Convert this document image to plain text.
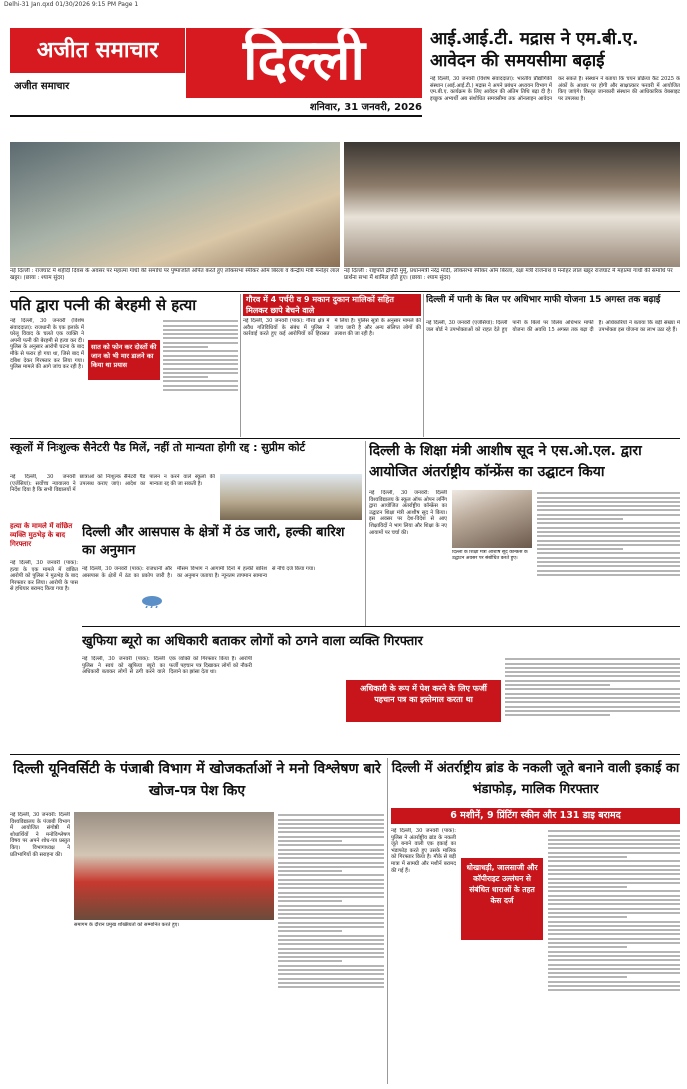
Delhi-31 Jan.qxd 01/30/2026 9:15 PM Page 1
अजीत समाचार	दिल्ली
अजीत समाचार
शनिवार, 31 जनवरी, 2026
आई.आई.टी. मद्रास ने एम.बी.ए. आवेदन की समयसीमा बढ़ाई
नई दिल्ली, 30 जनवरी (विशेष संवाददाता): भारतीय प्रौद्योगिकी संस्थान (आई.आई.टी.) मद्रास ने अपने प्रबंधन अध्ययन विभाग में एम.बी.ए. कार्यक्रम के लिए आवेदन की अंतिम तिथि बढ़ा दी है। इच्छुक अभ्यर्थी अब संशोधित समयसीमा तक ऑनलाइन आवेदन कर सकते हैं। संस्थान ने बताया कि चयन प्रक्रिया कैट 2025 के अंकों के आधार पर होगी और साक्षात्कार फरवरी में आयोजित किए जाएंगे। विस्तृत जानकारी संस्थान की आधिकारिक वेबसाइट पर उपलब्ध है।
नई दिल्ली : राजघाट में शहीदी दिवस के अवसर पर महात्मा गांधी की समाधि पर पुष्पांजलि अर्पित करते हुए लोकसभा स्पीकर ओम बिरला व केन्द्रीय मंत्री मनोहर लाल खट्टर। (छाया : श्याम सुंदर)
नई दिल्ली : राष्ट्रपति द्रौपदी मुर्मू, प्रधानमंत्री नरेंद्र मोदी, लोकसभा स्पीकर ओम बिरला, रक्षा मंत्री राजनाथ व मनोहर लाल खट्टर राजघाट में महात्मा गांधी की समाधि पर प्रार्थना सभा में शामिल होते हुए। (छाया : श्याम सुंदर)
पति द्वारा पत्नी की बेरहमी से हत्या
नई दिल्ली, 30 जनवरी (विशेष संवाददाता): राजधानी के एक इलाके में घरेलू विवाद के चलते एक व्यक्ति ने अपनी पत्नी की बेरहमी से हत्या कर दी। पुलिस के अनुसार आरोपी घटना के बाद मौके से फरार हो गया था, जिसे बाद में दबिश देकर गिरफ्तार कर लिया गया। पुलिस मामले की आगे जांच कर रही है।
सात को फोन कर दोस्तों की जान को भी मार डालने का किया था प्रयास
गौरव में 4 पर्चरी व 9 मकान दुकान मालिकों सहित मिलकर छापे बेचने वाले
नई दिल्ली, 30 जनवरी (पाक): गौरव क्षेत्र में अवैध गतिविधियों के संबंध में पुलिस ने कार्रवाई करते हुए कई आरोपियों को हिरासत में लिया है। पुलिस सूत्रों के अनुसार मामले की जांच जारी है और अन्य संलिप्त लोगों की तलाश की जा रही है।
दिल्ली में पानी के बिल पर अधिभार माफी योजना 15 अगस्त तक बढ़ाई
नई दिल्ली, 30 जनवरी (एजेंसियां): दिल्ली जल बोर्ड ने उपभोक्ताओं को राहत देते हुए पानी के बिलों पर विलंब अधिभार माफी योजना की अवधि 15 अगस्त तक बढ़ा दी है। अधिकारियों ने बताया कि बड़ी संख्या में उपभोक्ता इस योजना का लाभ उठा रहे हैं।
स्कूलों में निःशुल्क सैनेटरी पैड मिलें, नहीं तो मान्यता होगी रद्द : सुप्रीम कोर्ट
नई दिल्ली, 30 जनवरी (एजेंसियां): सर्वोच्च न्यायालय ने निर्देश दिया है कि सभी विद्यालयों में छात्राओं को निःशुल्क सैनेटरी पैड उपलब्ध कराए जाएं। आदेश का पालन न करने वाले स्कूलों की मान्यता रद्द की जा सकती है।
हत्या के मामले में वांछित व्यक्ति मुठभेड़ के बाद गिरफ्तार
नई दिल्ली, 30 जनवरी (पाक): हत्या के एक मामले में वांछित आरोपी को पुलिस ने मुठभेड़ के बाद गिरफ्तार कर लिया। आरोपी के पास से हथियार बरामद किया गया है।
दिल्ली और आसपास के क्षेत्रों में ठंड जारी, हल्की बारिश का अनुमान
नई दिल्ली, 30 जनवरी (पाक): राजधानी और आसपास के क्षेत्रों में ठंड का प्रकोप जारी है। मौसम विभाग ने आगामी दिनों में हल्की बारिश का अनुमान जताया है। न्यूनतम तापमान सामान्य से नीचे दर्ज किया गया।
दिल्ली के शिक्षा मंत्री आशीष सूद ने एस.ओ.एल. द्वारा आयोजित अंतर्राष्ट्रीय कॉन्फ्रेंस का उद्घाटन किया
नई दिल्ली, 30 जनवरी: दिल्ली विश्वविद्यालय के स्कूल ऑफ ओपन लर्निंग द्वारा आयोजित अंतर्राष्ट्रीय कॉन्फ्रेंस का उद्घाटन शिक्षा मंत्री आशीष सूद ने किया। इस अवसर पर देश-विदेश से आए शिक्षाविदों ने भाग लिया और शिक्षा के नए आयामों पर चर्चा की।
दिल्ली के शिक्षा मंत्री आशीष सूद कॉन्फ्रेंस के उद्घाटन अवसर पर संबोधित करते हुए।
खुफिया ब्यूरो का अधिकारी बताकर लोगों को ठगने वाला व्यक्ति गिरफ्तार
नई दिल्ली, 30 जनवरी (पाक): दिल्ली पुलिस ने स्वयं को खुफिया ब्यूरो का अधिकारी बताकर लोगों से ठगी करने वाले एक व्यक्ति को गिरफ्तार किया है। आरोपी फर्जी पहचान पत्र दिखाकर लोगों को नौकरी दिलाने का झांसा देता था।
अधिकारी के रूप में पेश करने के लिए फर्जी पहचान पत्र का इस्तेमाल करता था
दिल्ली यूनिवर्सिटी के पंजाबी विभाग में खोजकर्ताओं ने मनो विश्लेषण बारे खोज-पत्र पेश किए
नई दिल्ली, 30 जनवरी: दिल्ली विश्वविद्यालय के पंजाबी विभाग में आयोजित संगोष्ठी में शोधार्थियों ने मनोविश्लेषण विषय पर अपने शोध-पत्र प्रस्तुत किए। विभागाध्यक्ष ने प्रतिभागियों की सराहना की।
समागम के दौरान प्रमुख शख्सियतों को सम्मानित करते हुए।
दिल्ली में अंतर्राष्ट्रीय ब्रांड के नकली जूते बनाने वाली इकाई का भंडाफोड़, मालिक गिरफ्तार
6 मशीनें, 9 प्रिंटिंग स्कीन और 131 डाइ बरामद
नई दिल्ली, 30 जनवरी (पाक): पुलिस ने अंतर्राष्ट्रीय ब्रांड के नकली जूते बनाने वाली एक इकाई का भंडाफोड़ करते हुए उसके मालिक को गिरफ्तार किया है। मौके से बड़ी मात्रा में सामग्री और मशीनें बरामद की गई हैं।	धोखाधड़ी, जालसाजी और कॉपीराइट उल्लंघन से संबंधित धाराओं के तहत केस दर्ज
